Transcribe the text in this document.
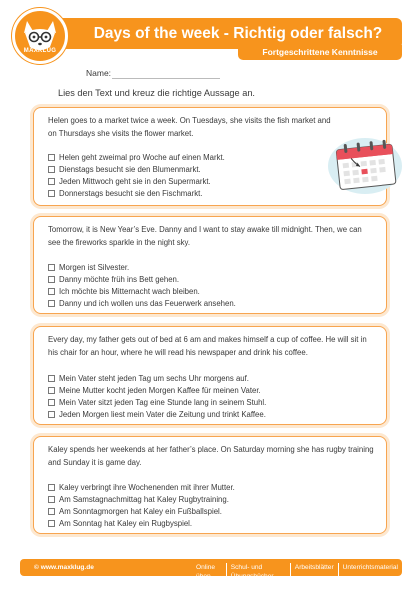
Days of the week - Richtig oder falsch?
Fortgeschrittene Kenntnisse
MAXKLUG
Name:
Lies den Text und kreuz die richtige Aussage an.
Helen goes to a market twice a week. On Tuesdays, she visits the fish market and on Thursdays she visits the flower market.
Helen geht zweimal pro Woche auf einen Markt.
Dienstags besucht sie den Blumenmarkt.
Jeden Mittwoch geht sie in den Supermarkt.
Donnerstags besucht sie den Fischmarkt.
Tomorrow, it is New Year’s Eve. Danny and I want to stay awake till midnight. Then, we can see the fireworks sparkle in the night sky.
Morgen ist Silvester.
Danny möchte früh ins Bett gehen.
Ich möchte bis Mitternacht wach bleiben.
Danny und ich wollen uns das Feuerwerk ansehen.
Every day, my father gets out of bed at 6 am and makes himself a cup of coffee. He will sit in his chair for an hour, where he will read his newspaper and drink his coffee.
Mein Vater steht jeden Tag um sechs Uhr morgens auf.
Meine Mutter kocht jeden Morgen Kaffee für meinen Vater.
Mein Vater sitzt jeden Tag eine Stunde lang in seinem Stuhl.
Jeden Morgen liest mein Vater die Zeitung und trinkt Kaffee.
Kaley spends her weekends at her father’s place. On Saturday morning she has rugby training and Sunday it is game day.
Kaley verbringt ihre Wochenenden mit ihrer Mutter.
Am Samstagnachmittag hat Kaley Rugbytraining.
Am Sonntagmorgen hat Kaley ein Fußballspiel.
Am Sonntag hat Kaley ein Rugbyspiel.
© www.maxklug.de	Online üben
Schul- und Übungsbücher
Arbeitsblätter	Unterrichtsmaterial
